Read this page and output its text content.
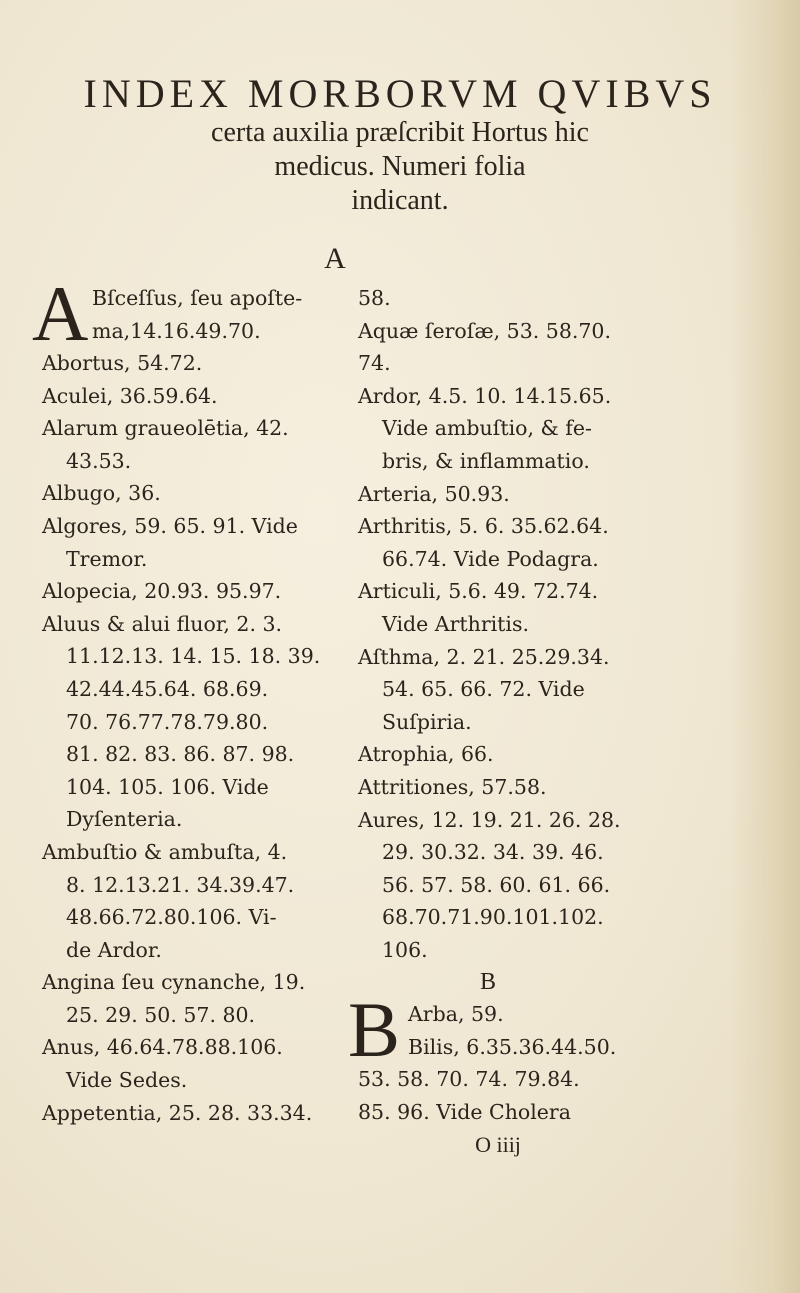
INDEX MORBORVM QVIBVS
certa auxilia præſcribit Hortus hic
medicus. Numeri folia
indicant.
A
A Bſceſſus, ſeu apoſte-
ma,14.16.49.70.
Abortus, 54.72.
Aculei, 36.59.64.
Alarum graueolētia, 42.
43.53.
Albugo, 36.
Algores, 59. 65. 91. Vide
Tremor.
Alopecia, 20.93. 95.97.
Aluus & alui fluor, 2. 3.
11.12.13. 14. 15. 18. 39.
42.44.45.64. 68.69.
70. 76.77.78.79.80.
81. 82. 83. 86. 87. 98.
104. 105. 106. Vide
Dyſenteria.
Ambuſtio & ambuſta, 4.
8. 12.13.21. 34.39.47.
48.66.72.80.106. Vi-
de Ardor.
Angina ſeu cynanche, 19.
25. 29. 50. 57. 80.
Anus, 46.64.78.88.106.
Vide Sedes.
Appetentia, 25. 28. 33.34.
58.
Aquæ ſeroſæ, 53. 58.70.
74.
Ardor, 4.5. 10. 14.15.65.
Vide ambuſtio, & fe-
bris, & inflammatio.
Arteria, 50.93.
Arthritis, 5. 6. 35.62.64.
66.74. Vide Podagra.
Articuli, 5.6. 49. 72.74.
Vide Arthritis.
Aſthma, 2. 21. 25.29.34.
54. 65. 66. 72. Vide
Suſpiria.
Atrophia, 66.
Attritiones, 57.58.
Aures, 12. 19. 21. 26. 28.
29. 30.32. 34. 39. 46.
56. 57. 58. 60. 61. 66.
68.70.71.90.101.102.
106.
B
B Arba, 59.
Bilis, 6.35.36.44.50.
53. 58. 70. 74. 79.84.
85. 96. Vide Cholera
O iiij
